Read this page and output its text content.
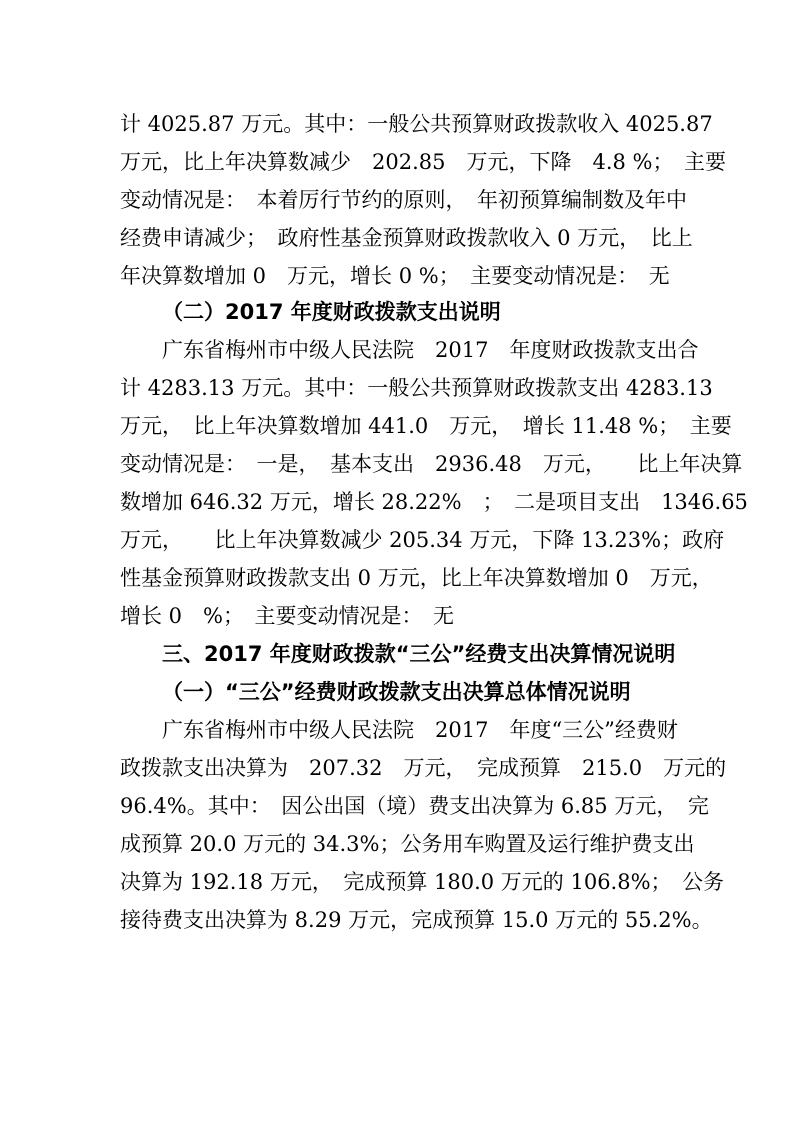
计 4025.87 万元。其中：一般公共预算财政拨款收入 4025.87
万元，比上年决算数减少　202.85　万元，下降　4.8 %；　主要
变动情况是：　本着厉行节约的原则，　年初预算编制数及年中
经费申请减少；　政府性基金预算财政拨款收入 0 万元，　比上
年决算数增加 0　万元，增长 0 %；　主要变动情况是：　无
（二）2017 年度财政拨款支出说明
广东省梅州市中级人民法院　2017　年度财政拨款支出合
计 4283.13 万元。其中：一般公共预算财政拨款支出 4283.13
万元，　比上年决算数增加 441.0　万元，　增长 11.48 %；　主要
变动情况是：　一是，　基本支出　2936.48　万元，　　比上年决算
数增加 646.32 万元，增长 28.22%　；　二是项目支出　1346.65
万元，　　比上年决算数减少 205.34 万元，下降 13.23%；政府
性基金预算财政拨款支出 0 万元，比上年决算数增加 0　万元，
增长 0　%；　主要变动情况是：　无
三、2017 年度财政拨款“三公”经费支出决算情况说明
（一）“三公”经费财政拨款支出决算总体情况说明
广东省梅州市中级人民法院　2017　年度“三公”经费财
政拨款支出决算为　207.32　万元，　完成预算　215.0　万元的
96.4%。其中：　因公出国（境）费支出决算为 6.85 万元，　完
成预算 20.0 万元的 34.3%；公务用车购置及运行维护费支出
决算为 192.18 万元，　完成预算 180.0 万元的 106.8%；　公务
接待费支出决算为 8.29 万元，完成预算 15.0 万元的 55.2%。
